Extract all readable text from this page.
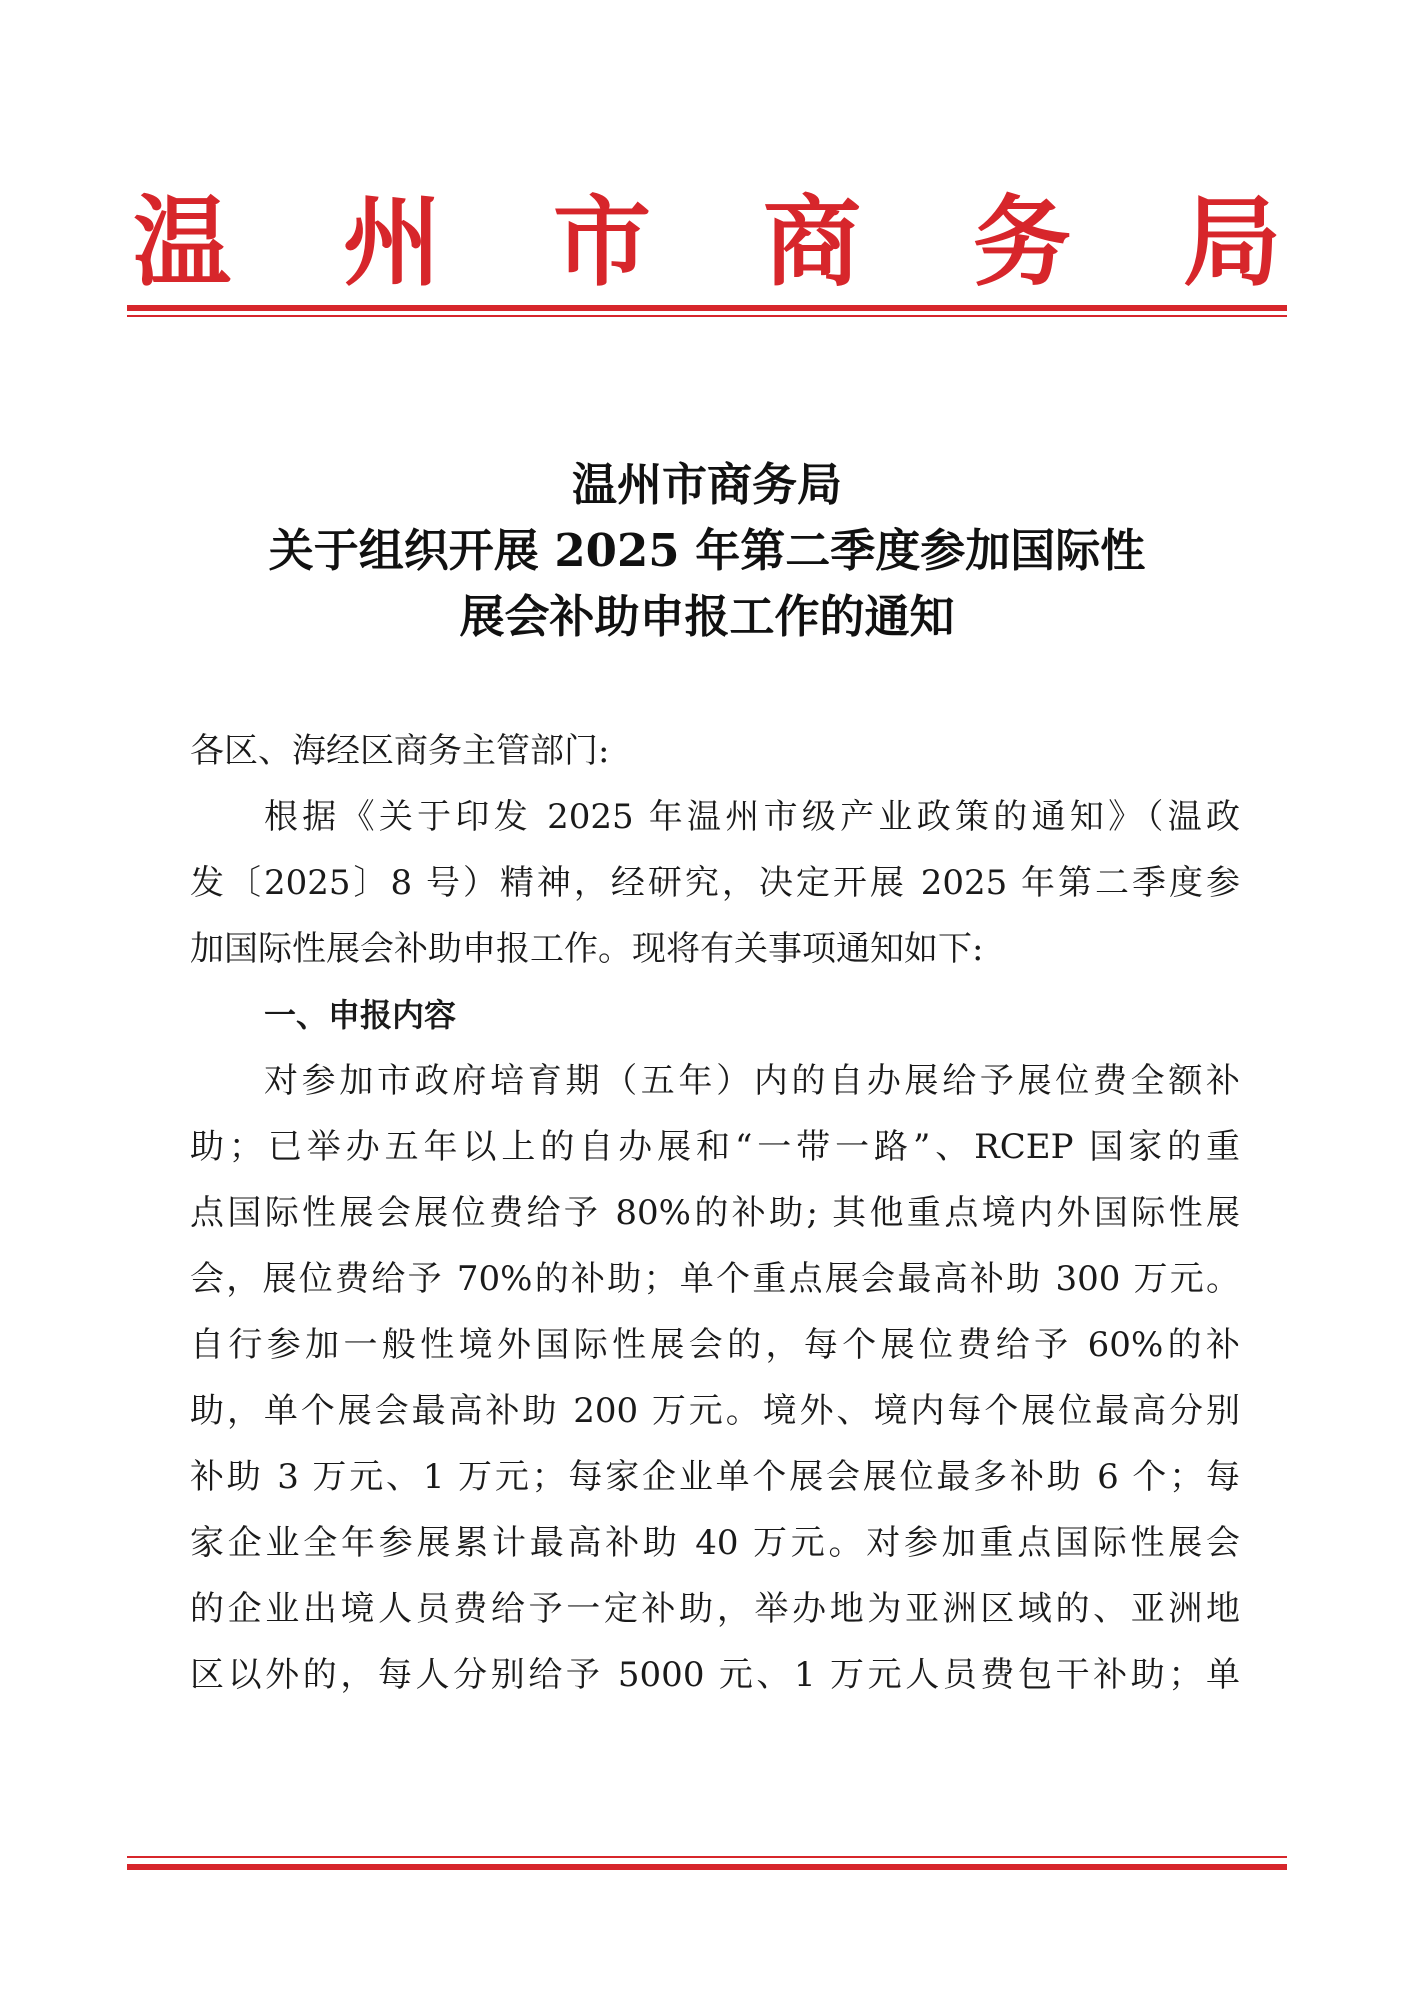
温 州 市 商 务 局
温州市商务局
关于组织开展 2025 年第二季度参加国际性
展会补助申报工作的通知
各区、海经区商务主管部门:
根据《关于印发 2025 年温州市级产业政策的通知》（温政
发〔2025〕8 号）精神，经研究，决定开展 2025 年第二季度参
加国际性展会补助申报工作。现将有关事项通知如下:
一、申报内容
对参加市政府培育期（五年）内的自办展给予展位费全额补
助；已举办五年以上的自办展和“一带一路”、RCEP 国家的重
点国际性展会展位费给予 80%的补助; 其他重点境内外国际性展
会，展位费给予 70%的补助；单个重点展会最高补助 300 万元。
自行参加一般性境外国际性展会的，每个展位费给予 60%的补
助，单个展会最高补助 200 万元。境外、境内每个展位最高分别
补助 3 万元、1 万元；每家企业单个展会展位最多补助 6 个；每
家企业全年参展累计最高补助 40 万元。对参加重点国际性展会
的企业出境人员费给予一定补助，举办地为亚洲区域的、亚洲地
区以外的，每人分别给予 5000 元、1 万元人员费包干补助；单
